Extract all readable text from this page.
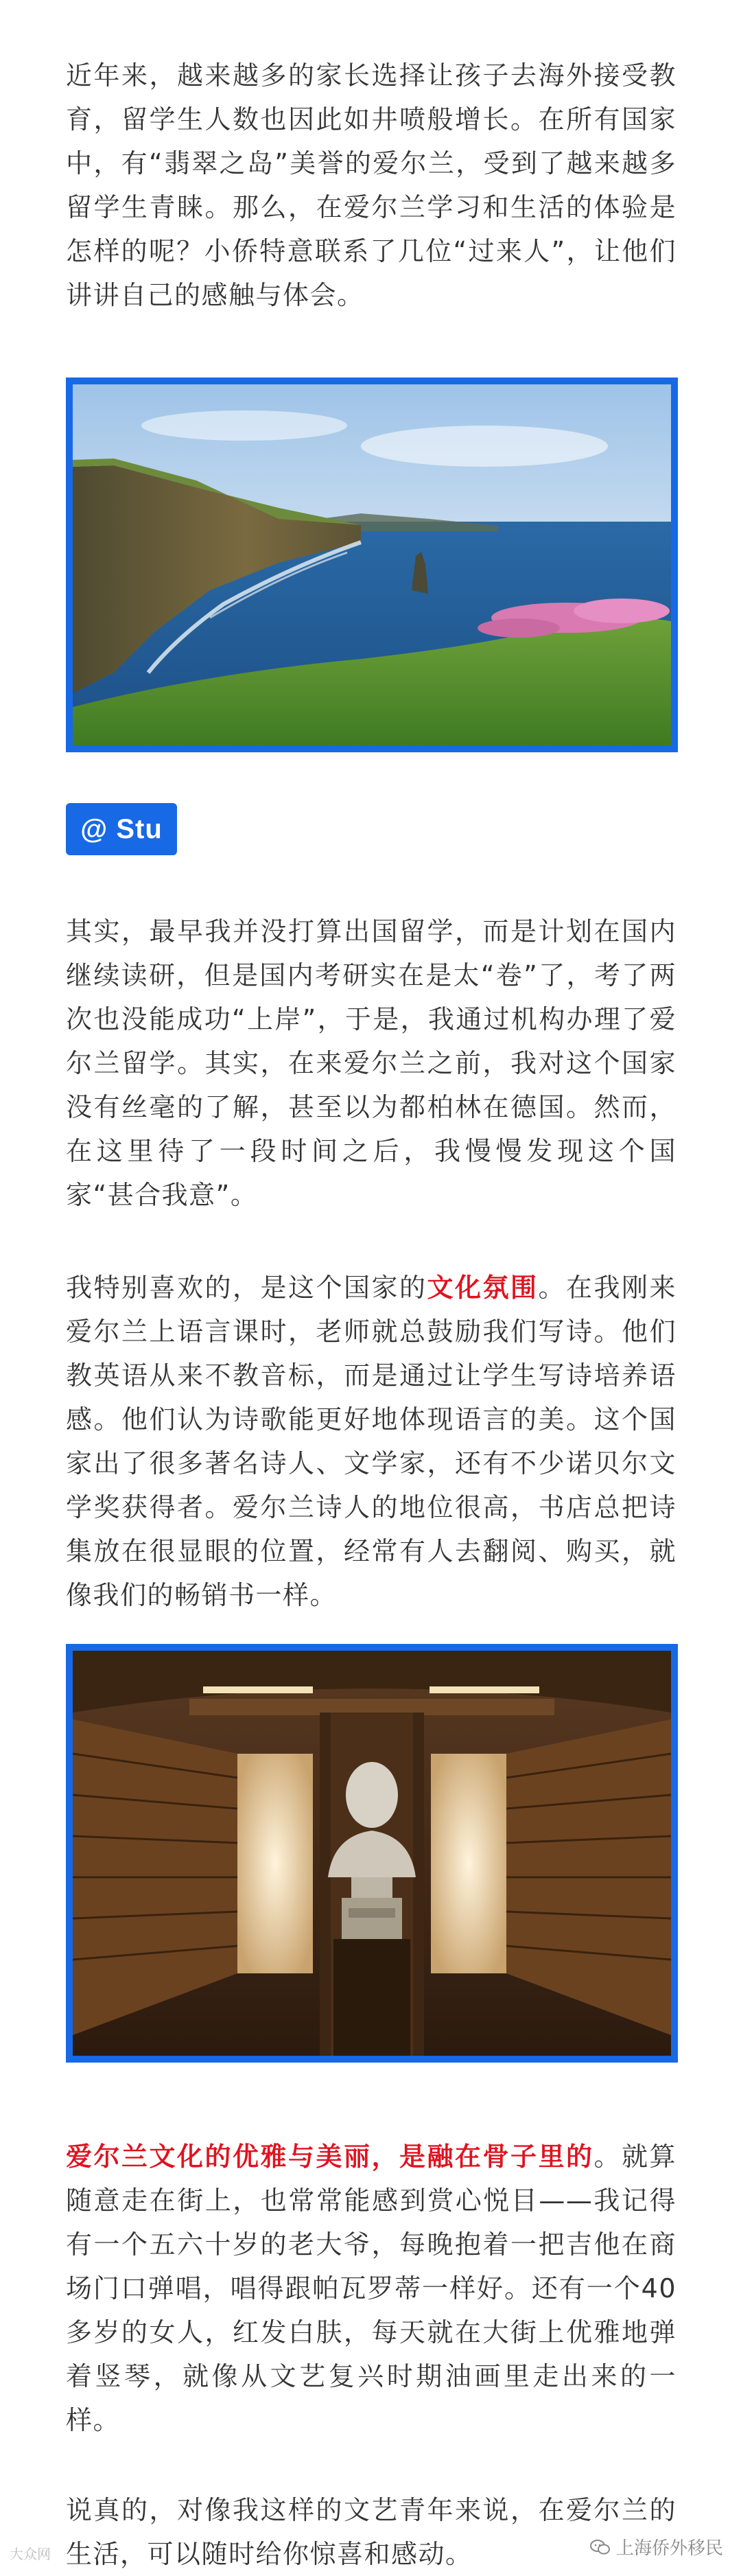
近年来，越来越多的家长选择让孩子去海外接受教育，留学生人数也因此如井喷般增长。在所有国家中，有“翡翠之岛”美誉的爱尔兰，受到了越来越多留学生青睐。那么，在爱尔兰学习和生活的体验是怎样的呢？小侨特意联系了几位“过来人”，让他们讲讲自己的感触与体会。

@ Stu

其实，最早我并没打算出国留学，而是计划在国内继续读研，但是国内考研实在是太“卷”了，考了两次也没能成功“上岸”，于是，我通过机构办理了爱尔兰留学。其实，在来爱尔兰之前，我对这个国家没有丝毫的了解，甚至以为都柏林在德国。然而，在这里待了一段时间之后，我慢慢发现这个国家“甚合我意”。

我特别喜欢的，是这个国家的文化氛围。在我刚来爱尔兰上语言课时，老师就总鼓励我们写诗。他们教英语从来不教音标，而是通过让学生写诗培养语感。他们认为诗歌能更好地体现语言的美。这个国家出了很多著名诗人、文学家，还有不少诺贝尔文学奖获得者。爱尔兰诗人的地位很高，书店总把诗集放在很显眼的位置，经常有人去翻阅、购买，就像我们的畅销书一样。

爱尔兰文化的优雅与美丽，是融在骨子里的。就算随意走在街上，也常常能感到赏心悦目——我记得有一个五六十岁的老大爷，每晚抱着一把吉他在商场门口弹唱，唱得跟帕瓦罗蒂一样好。还有一个40多岁的女人，红发白肤，每天就在大街上优雅地弹着竖琴，就像从文艺复兴时期油画里走出来的一样。

说真的，对像我这样的文艺青年来说，在爱尔兰的生活，可以随时给你惊喜和感动。

大众网	上海侨外移民
